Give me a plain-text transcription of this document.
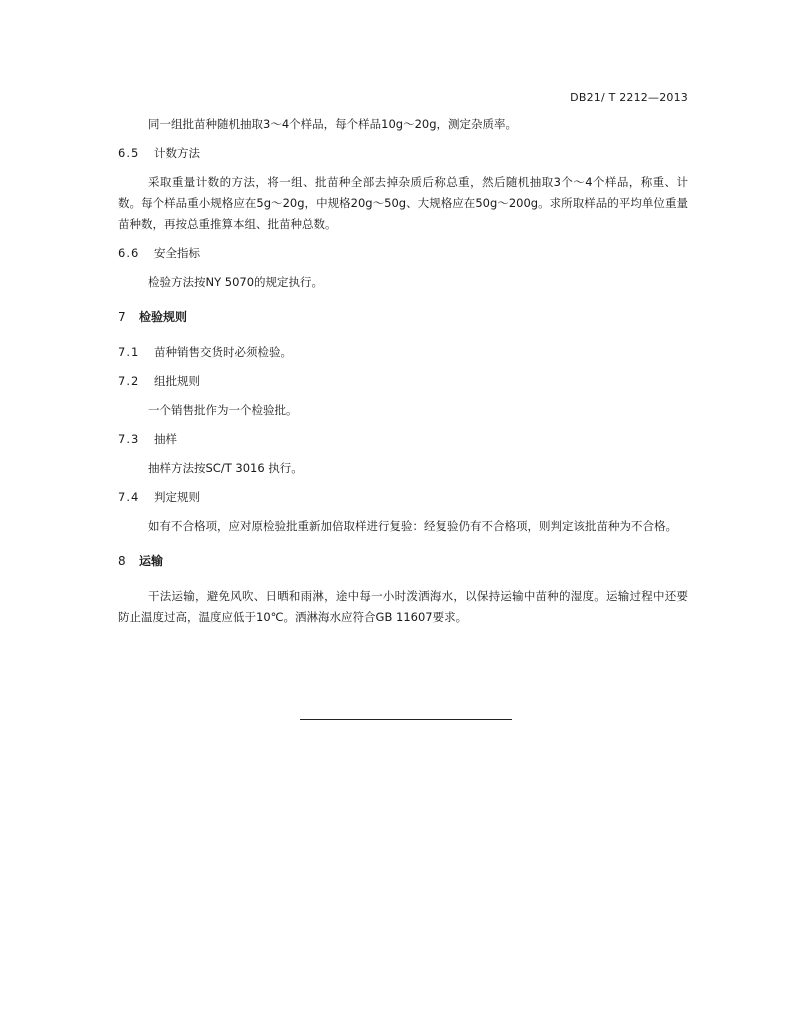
DB21/ T 2212—2013

同一组批苗种随机抽取3～4个样品，每个样品10g～20g，测定杂质率。

6.5	计数方法

采取重量计数的方法，将一组、批苗种全部去掉杂质后称总重，然后随机抽取3个～4个样品，称重、计数。每个样品重小规格应在5g～20g，中规格20g～50g、大规格应在50g～200g。求所取样品的平均单位重量苗种数，再按总重推算本组、批苗种总数。

6.6	安全指标

检验方法按NY 5070的规定执行。

7	检验规则
7.1	苗种销售交货时必须检验。
7.2	组批规则

一个销售批作为一个检验批。

7.3	抽样

抽样方法按SC/T 3016 执行。

7.4	判定规则

如有不合格项，应对原检验批重新加倍取样进行复验：经复验仍有不合格项，则判定该批苗种为不合格。

8	运输

干法运输，避免风吹、日晒和雨淋，途中每一小时泼洒海水，以保持运输中苗种的湿度。运输过程中还要防止温度过高，温度应低于10℃。洒淋海水应符合GB 11607要求。
